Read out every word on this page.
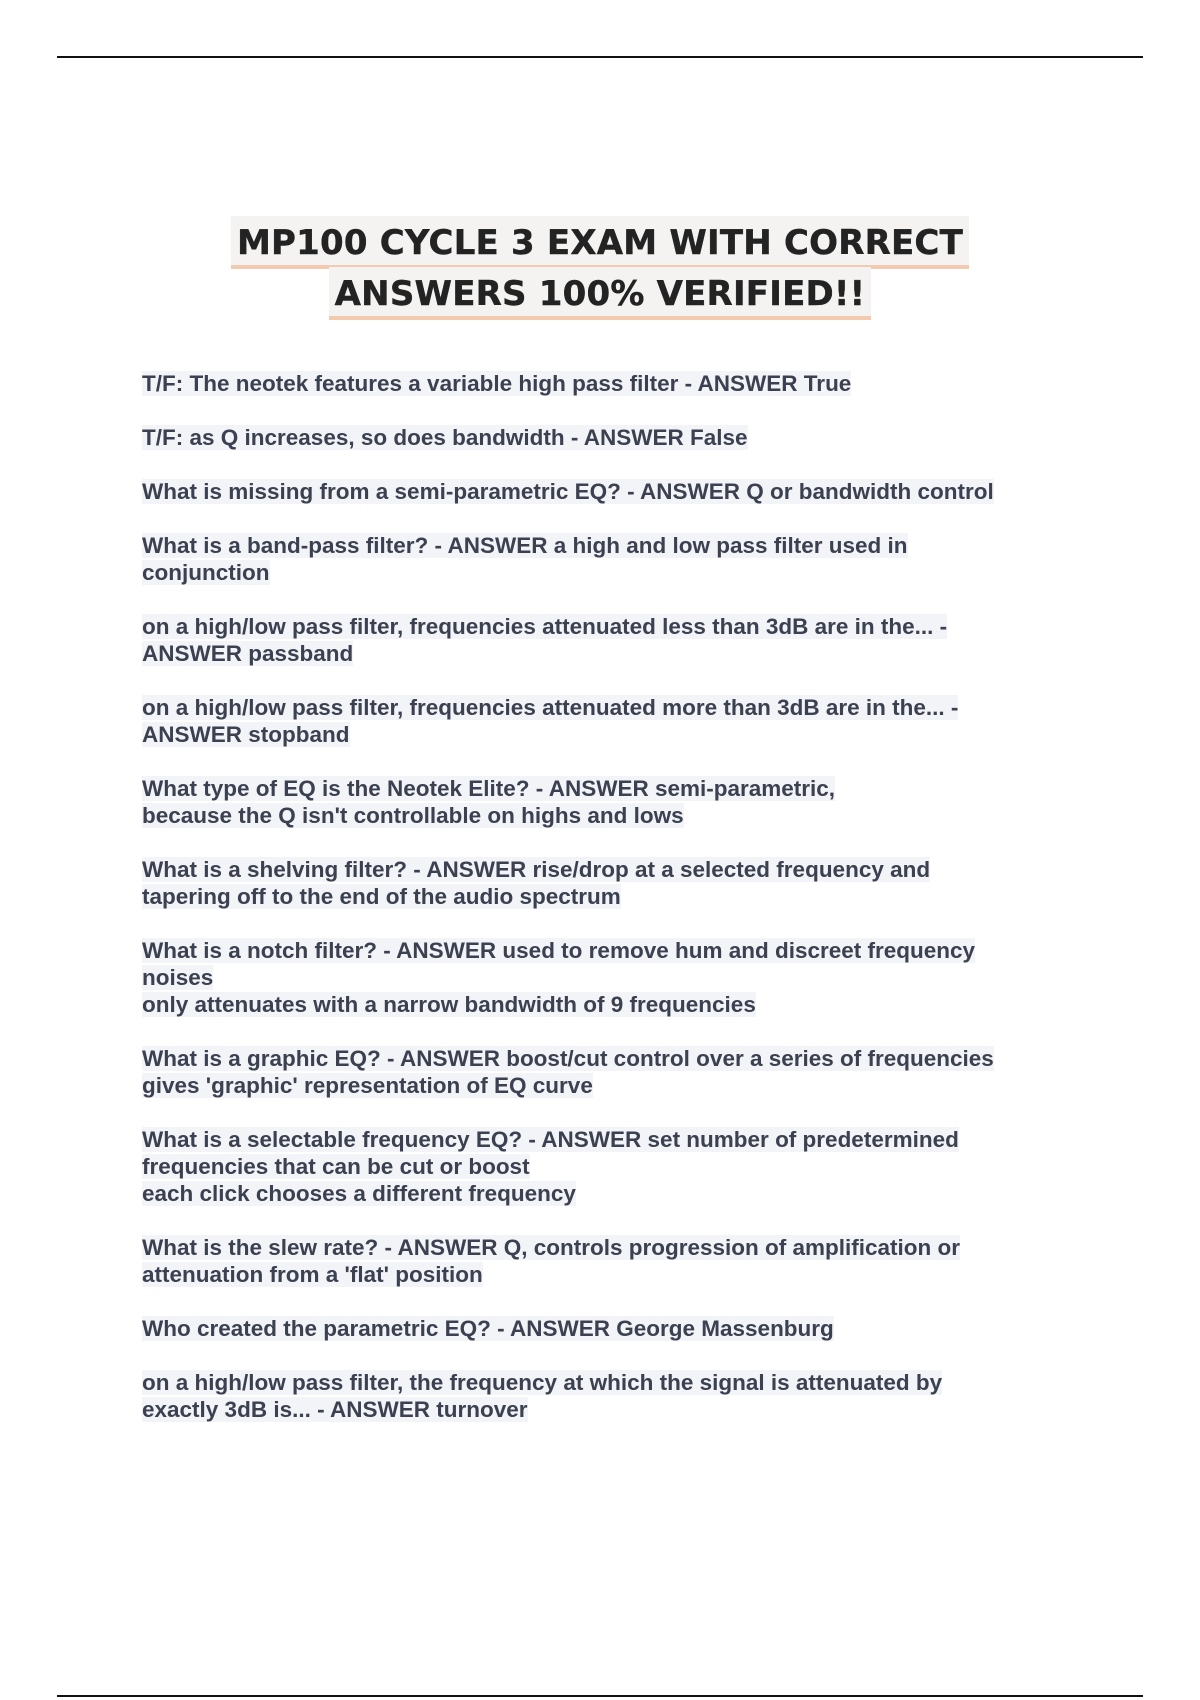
MP100 CYCLE 3 EXAM WITH CORRECT
ANSWERS 100% VERIFIED!!
T/F: The neotek features a variable high pass filter - ANSWER True
T/F: as Q increases, so does bandwidth - ANSWER False
What is missing from a semi-parametric EQ? - ANSWER Q or bandwidth control
What is a band-pass filter? - ANSWER a high and low pass filter used in
conjunction
on a high/low pass filter, frequencies attenuated less than 3dB are in the... -
ANSWER passband
on a high/low pass filter, frequencies attenuated more than 3dB are in the... -
ANSWER stopband
What type of EQ is the Neotek Elite? - ANSWER semi-parametric,
because the Q isn't controllable on highs and lows
What is a shelving filter? - ANSWER rise/drop at a selected frequency and
tapering off to the end of the audio spectrum
What is a notch filter? - ANSWER used to remove hum and discreet frequency
noises
only attenuates with a narrow bandwidth of 9 frequencies
What is a graphic EQ? - ANSWER boost/cut control over a series of frequencies
gives 'graphic' representation of EQ curve
What is a selectable frequency EQ? - ANSWER set number of predetermined
frequencies that can be cut or boost
each click chooses a different frequency
What is the slew rate? - ANSWER Q, controls progression of amplification or
attenuation from a 'flat' position
Who created the parametric EQ? - ANSWER George Massenburg
on a high/low pass filter, the frequency at which the signal is attenuated by
exactly 3dB is... - ANSWER turnover
